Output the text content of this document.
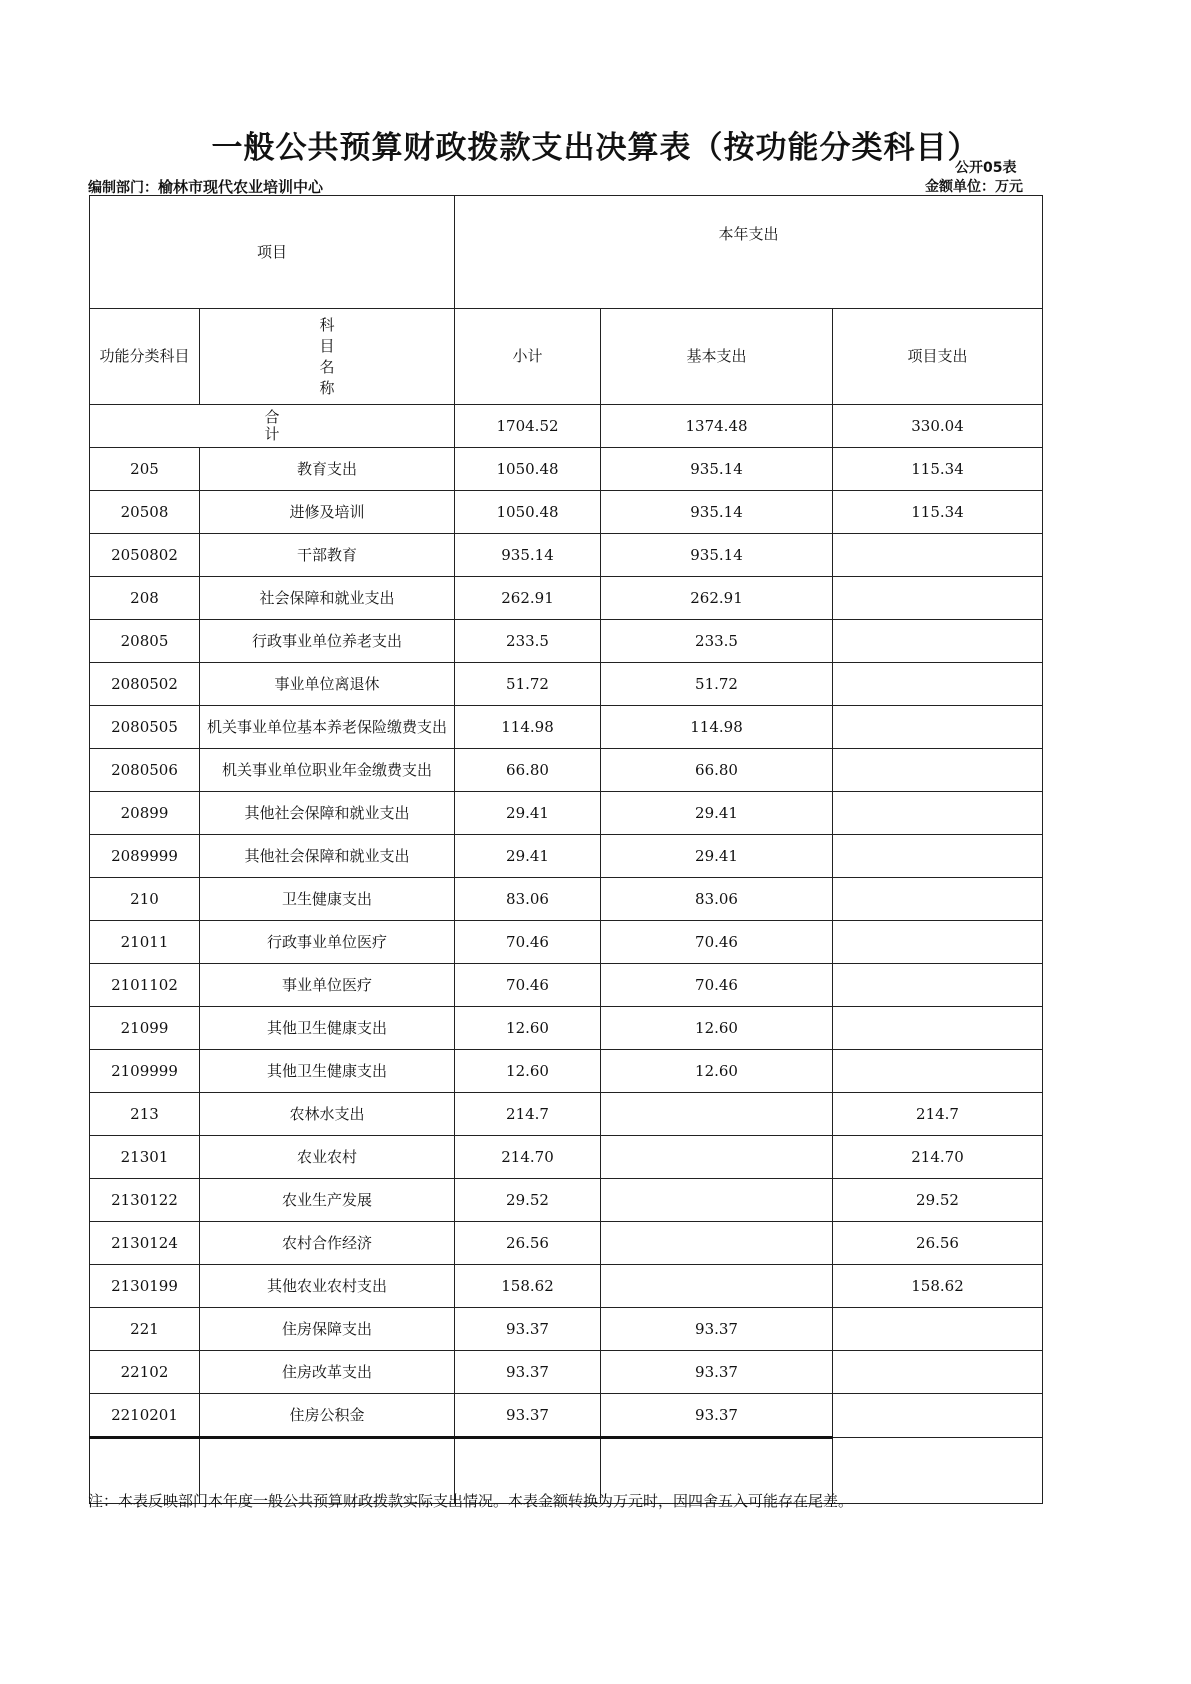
一般公共预算财政拨款支出决算表（按功能分类科目）
公开05表
编制部门：榆林市现代农业培训中心	金额单位：万元
项目		本年支出		
功能分类科目	科目名称	小计	基本支出	项目支出
合计		1704.52	1374.48	330.04
205	教育支出	1050.48	935.14	115.34
20508	进修及培训	1050.48	935.14	115.34
2050802	干部教育	935.14	935.14	
208	社会保障和就业支出	262.91	262.91	
20805	行政事业单位养老支出	233.5	233.5	
2080502	事业单位离退休	51.72	51.72	
2080505	机关事业单位基本养老保险缴费支出	114.98	114.98	
2080506	机关事业单位职业年金缴费支出	66.80	66.80	
20899	其他社会保障和就业支出	29.41	29.41	
2089999	其他社会保障和就业支出	29.41	29.41	
210	卫生健康支出	83.06	83.06	
21011	行政事业单位医疗	70.46	70.46	
2101102	事业单位医疗	70.46	70.46	
21099	其他卫生健康支出	12.60	12.60	
2109999	其他卫生健康支出	12.60	12.60	
213	农林水支出	214.7		214.7
21301	农业农村	214.70		214.70
2130122	农业生产发展	29.52		29.52
2130124	农村合作经济	26.56		26.56
2130199	其他农业农村支出	158.62		158.62
221	住房保障支出	93.37	93.37	
22102	住房改革支出	93.37	93.37	
2210201	住房公积金	93.37	93.37	

注：本表反映部门本年度一般公共预算财政拨款实际支出情况。本表金额转换为万元时，因四舍五入可能存在尾差。
